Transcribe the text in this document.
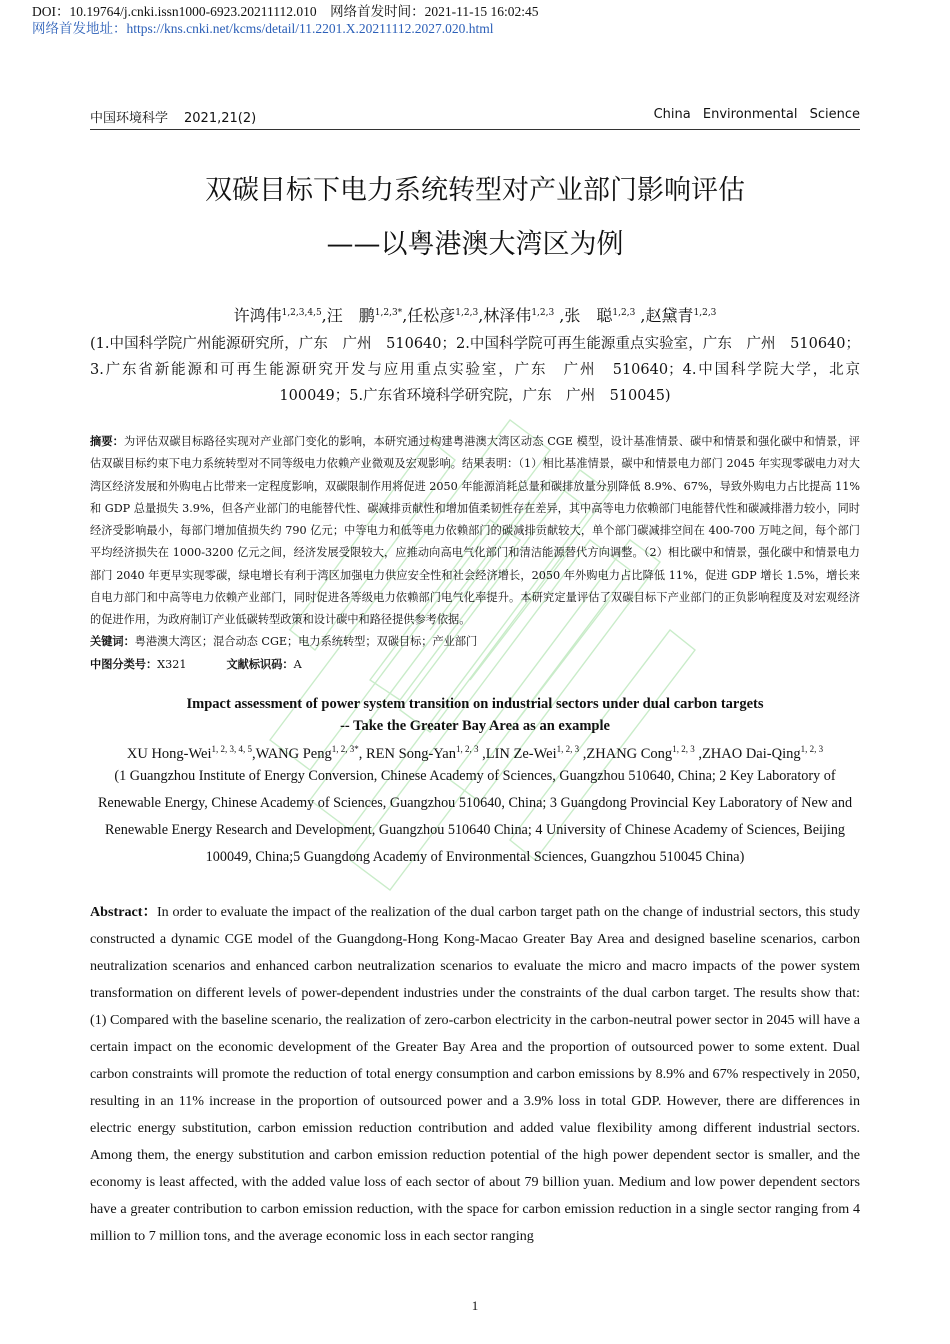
DOI：10.19764/j.cnki.issn1000-6923.20211112.010　网络首发时间：2021-11-15 16:02:45
网络首发地址：https://kns.cnki.net/kcms/detail/11.2201.X.20211112.2027.020.html
中国环境科学 2021,21(2)	China Environmental Science
双碳目标下电力系统转型对产业部门影响评估
——以粤港澳大湾区为例
许鸿伟$^{1,2,3,4,5}$,汪　鹏$^{1,2,3*}$,任松彦$^{1,2,3}$,林泽伟$^{1,2,3}$ ,张　聪$^{1,2,3}$ ,赵黛青$^{1,2,3}$
(1.中国科学院广州能源研究所，广东　广州　510640；2.中国科学院可再生能源重点实验室，广东　广州　510640；3.广东省新能源和可再生能源研究开发与应用重点实验室，广东　广州　510640；4.中国科学院大学，北京　100049；5.广东省环境科学研究院，广东　广州　510045)
摘要：为评估双碳目标路径实现对产业部门变化的影响，本研究通过构建粤港澳大湾区动态 CGE 模型，设计基准情景、碳中和情景和强化碳中和情景，评估双碳目标约束下电力系统转型对不同等级电力依赖产业微观及宏观影响。结果表明：（1）相比基准情景，碳中和情景电力部门 2045 年实现零碳电力对大湾区经济发展和外购电占比带来一定程度影响，双碳限制作用将促进 2050 年能源消耗总量和碳排放量分别降低 8.9%、67%，导致外购电力占比提高 11%和 GDP 总量损失 3.9%，但各产业部门的电能替代性、碳减排贡献性和增加值柔韧性存在差异，其中高等电力依赖部门电能替代性和碳减排潜力较小，同时经济受影响最小，每部门增加值损失约 790 亿元；中等电力和低等电力依赖部门的碳减排贡献较大，单个部门碳减排空间在 400-700 万吨之间，每个部门平均经济损失在 1000-3200 亿元之间，经济发展受限较大，应推动向高电气化部门和清洁能源替代方向调整。（2）相比碳中和情景，强化碳中和情景电力部门 2040 年更早实现零碳，绿电增长有利于湾区加强电力供应安全性和社会经济增长，2050 年外购电力占比降低 11%，促进 GDP 增长 1.5%，增长来自电力部门和中高等电力依赖产业部门，同时促进各等级电力依赖部门电气化率提升。本研究定量评估了双碳目标下产业部门的正负影响程度及对宏观经济的促进作用，为政府制订产业低碳转型政策和设计碳中和路径提供参考依据。
关键词：粤港澳大湾区；混合动态 CGE；电力系统转型；双碳目标；产业部门
中图分类号：X321	文献标识码：A
Impact assessment of power system transition on industrial sectors under dual carbon targets
-- Take the Greater Bay Area as an example
XU Hong-Wei$^{1, 2, 3, 4, 5}$,WANG Peng$^{1, 2, 3*}$, REN Song-Yan$^{1, 2, 3}$ ,LIN Ze-Wei$^{1, 2, 3}$ ,ZHANG Cong$^{1, 2, 3}$ ,ZHAO Dai-Qing$^{1, 2, 3}$
(1 Guangzhou Institute of Energy Conversion, Chinese Academy of Sciences, Guangzhou 510640, China; 2 Key Laboratory of Renewable Energy, Chinese Academy of Sciences, Guangzhou 510640, China; 3 Guangdong Provincial Key Laboratory of New and Renewable Energy Research and Development, Guangzhou 510640 China; 4 University of Chinese Academy of Sciences, Beijing 100049, China;5 Guangdong Academy of Environmental Sciences, Guangzhou 510045 China)
Abstract：In order to evaluate the impact of the realization of the dual carbon target path on the change of industrial sectors, this study constructed a dynamic CGE model of the Guangdong-Hong Kong-Macao Greater Bay Area and designed baseline scenarios, carbon neutralization scenarios and enhanced carbon neutralization scenarios to evaluate the micro and macro impacts of the power system transformation on different levels of power-dependent industries under the constraints of the dual carbon target. The results show that: (1) Compared with the baseline scenario, the realization of zero-carbon electricity in the carbon-neutral power sector in 2045 will have a certain impact on the economic development of the Greater Bay Area and the proportion of outsourced power to some extent. Dual carbon constraints will promote the reduction of total energy consumption and carbon emissions by 8.9% and 67% respectively in 2050, resulting in an 11% increase in the proportion of outsourced power and a 3.9% loss in total GDP. However, there are differences in electric energy substitution, carbon emission reduction contribution and added value flexibility among different industrial sectors. Among them, the energy substitution and carbon emission reduction potential of the high power dependent sector is smaller, and the economy is least affected, with the added value loss of each sector of about 79 billion yuan. Medium and low power dependent sectors have a greater contribution to carbon emission reduction, with the space for carbon emission reduction in a single sector ranging from 4 million to 7 million tons, and the average economic loss in each sector ranging
1
